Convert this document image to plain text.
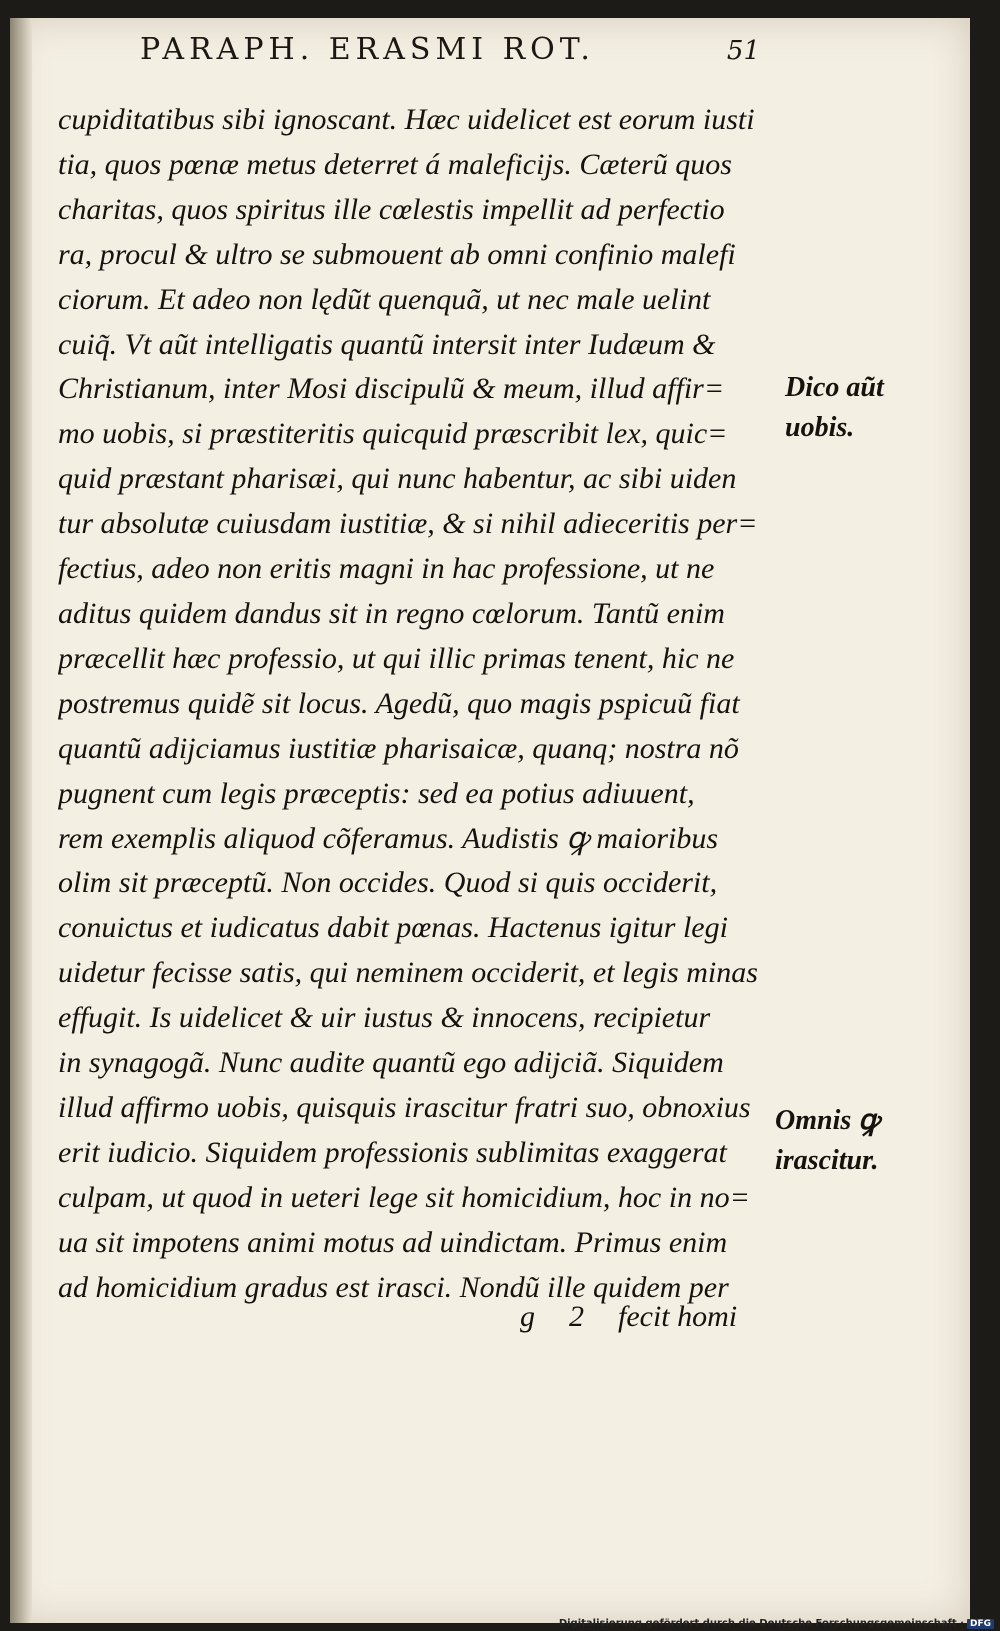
PARAPH. ERASMI ROT.	51
cupiditatibus sibi ignoscant. Hæc uidelicet est eorum iusti
tia, quos pœnæ metus deterret á maleficijs. Cæterũ quos
charitas, quos spiritus ille cœlestis impellit ad perfectio
ra, procul & ultro se submouent ab omni confinio malefi
ciorum. Et adeo non lędũt quenquã, ut nec male uelint
cuiq̃. Vt aũt intelligatis quantũ intersit inter Iudæum &
Christianum, inter Mosi discipulũ & meum, illud affir=
mo uobis, si præstiteritis quicquid præscribit lex, quic=
quid præstant pharisæi, qui nunc habentur, ac sibi uiden
tur absolutæ cuiusdam iustitiæ, & si nihil adieceritis per=
fectius, adeo non eritis magni in hac professione, ut ne
aditus quidem dandus sit in regno cœlorum. Tantũ enim
præcellit hæc professio, ut qui illic primas tenent, hic ne
postremus quidẽ sit locus. Agedũ, quo magis pspicuũ fiat
quantũ adijciamus iustitiæ pharisaicæ, quanq; nostra nõ
pugnent cum legis præceptis: sed ea potius adiuuent,
rem exemplis aliquod cõferamus. Audistis ꝙ maioribus
olim sit præceptũ. Non occides. Quod si quis occiderit,
conuictus et iudicatus dabit pœnas. Hactenus igitur legi
uidetur fecisse satis, qui neminem occiderit, et legis minas
effugit. Is uidelicet & uir iustus & innocens, recipietur
in synagogã. Nunc audite quantũ ego adijciã. Siquidem
illud affirmo uobis, quisquis irascitur fratri suo, obnoxius
erit iudicio. Siquidem professionis sublimitas exaggerat
culpam, ut quod in ueteri lege sit homicidium, hoc in no=
ua sit impotens animi motus ad uindictam. Primus enim
ad homicidium gradus est irasci. Nondũ ille quidem per
g 2 fecit homi
Dico aũt uobis.
Omnis ꝙ irascitur.
Digitalisierung gefördert durch die Deutsche Forschungsgemeinschaft · DFG
